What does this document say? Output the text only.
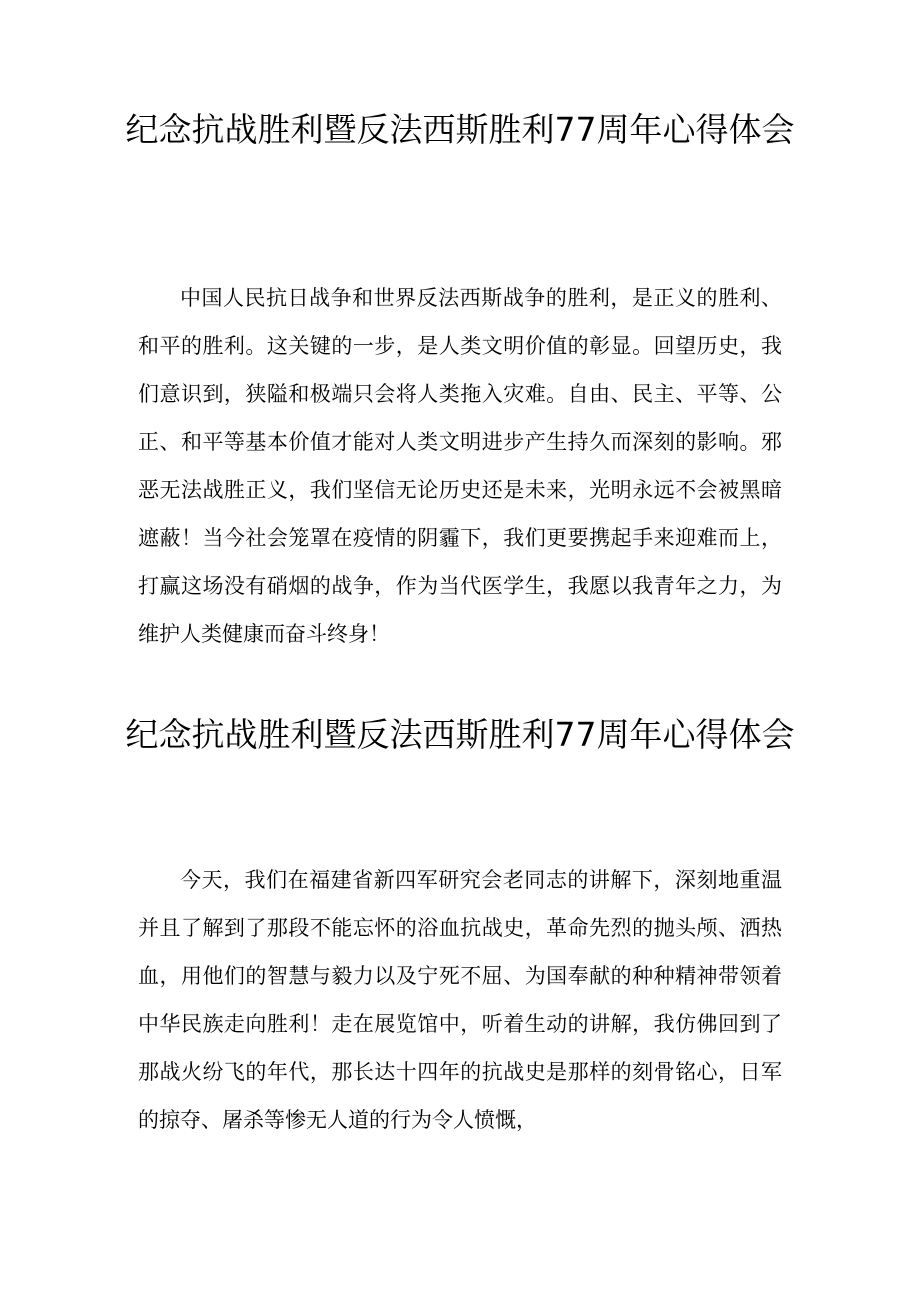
纪念抗战胜利暨反法西斯胜利77周年心得体会

中国人民抗日战争和世界反法西斯战争的胜利，是正义的胜利、和平的胜利。这关键的一步，是人类文明价值的彰显。回望历史，我们意识到，狭隘和极端只会将人类拖入灾难。自由、民主、平等、公正、和平等基本价值才能对人类文明进步产生持久而深刻的影响。邪恶无法战胜正义，我们坚信无论历史还是未来，光明永远不会被黑暗遮蔽！当今社会笼罩在疫情的阴霾下，我们更要携起手来迎难而上，打赢这场没有硝烟的战争，作为当代医学生，我愿以我青年之力，为维护人类健康而奋斗终身！

纪念抗战胜利暨反法西斯胜利77周年心得体会

今天，我们在福建省新四军研究会老同志的讲解下，深刻地重温并且了解到了那段不能忘怀的浴血抗战史，革命先烈的抛头颅、洒热血，用他们的智慧与毅力以及宁死不屈、为国奉献的种种精神带领着中华民族走向胜利！走在展览馆中，听着生动的讲解，我仿佛回到了那战火纷飞的年代，那长达十四年的抗战史是那样的刻骨铭心，日军的掠夺、屠杀等惨无人道的行为令人愤慨，
